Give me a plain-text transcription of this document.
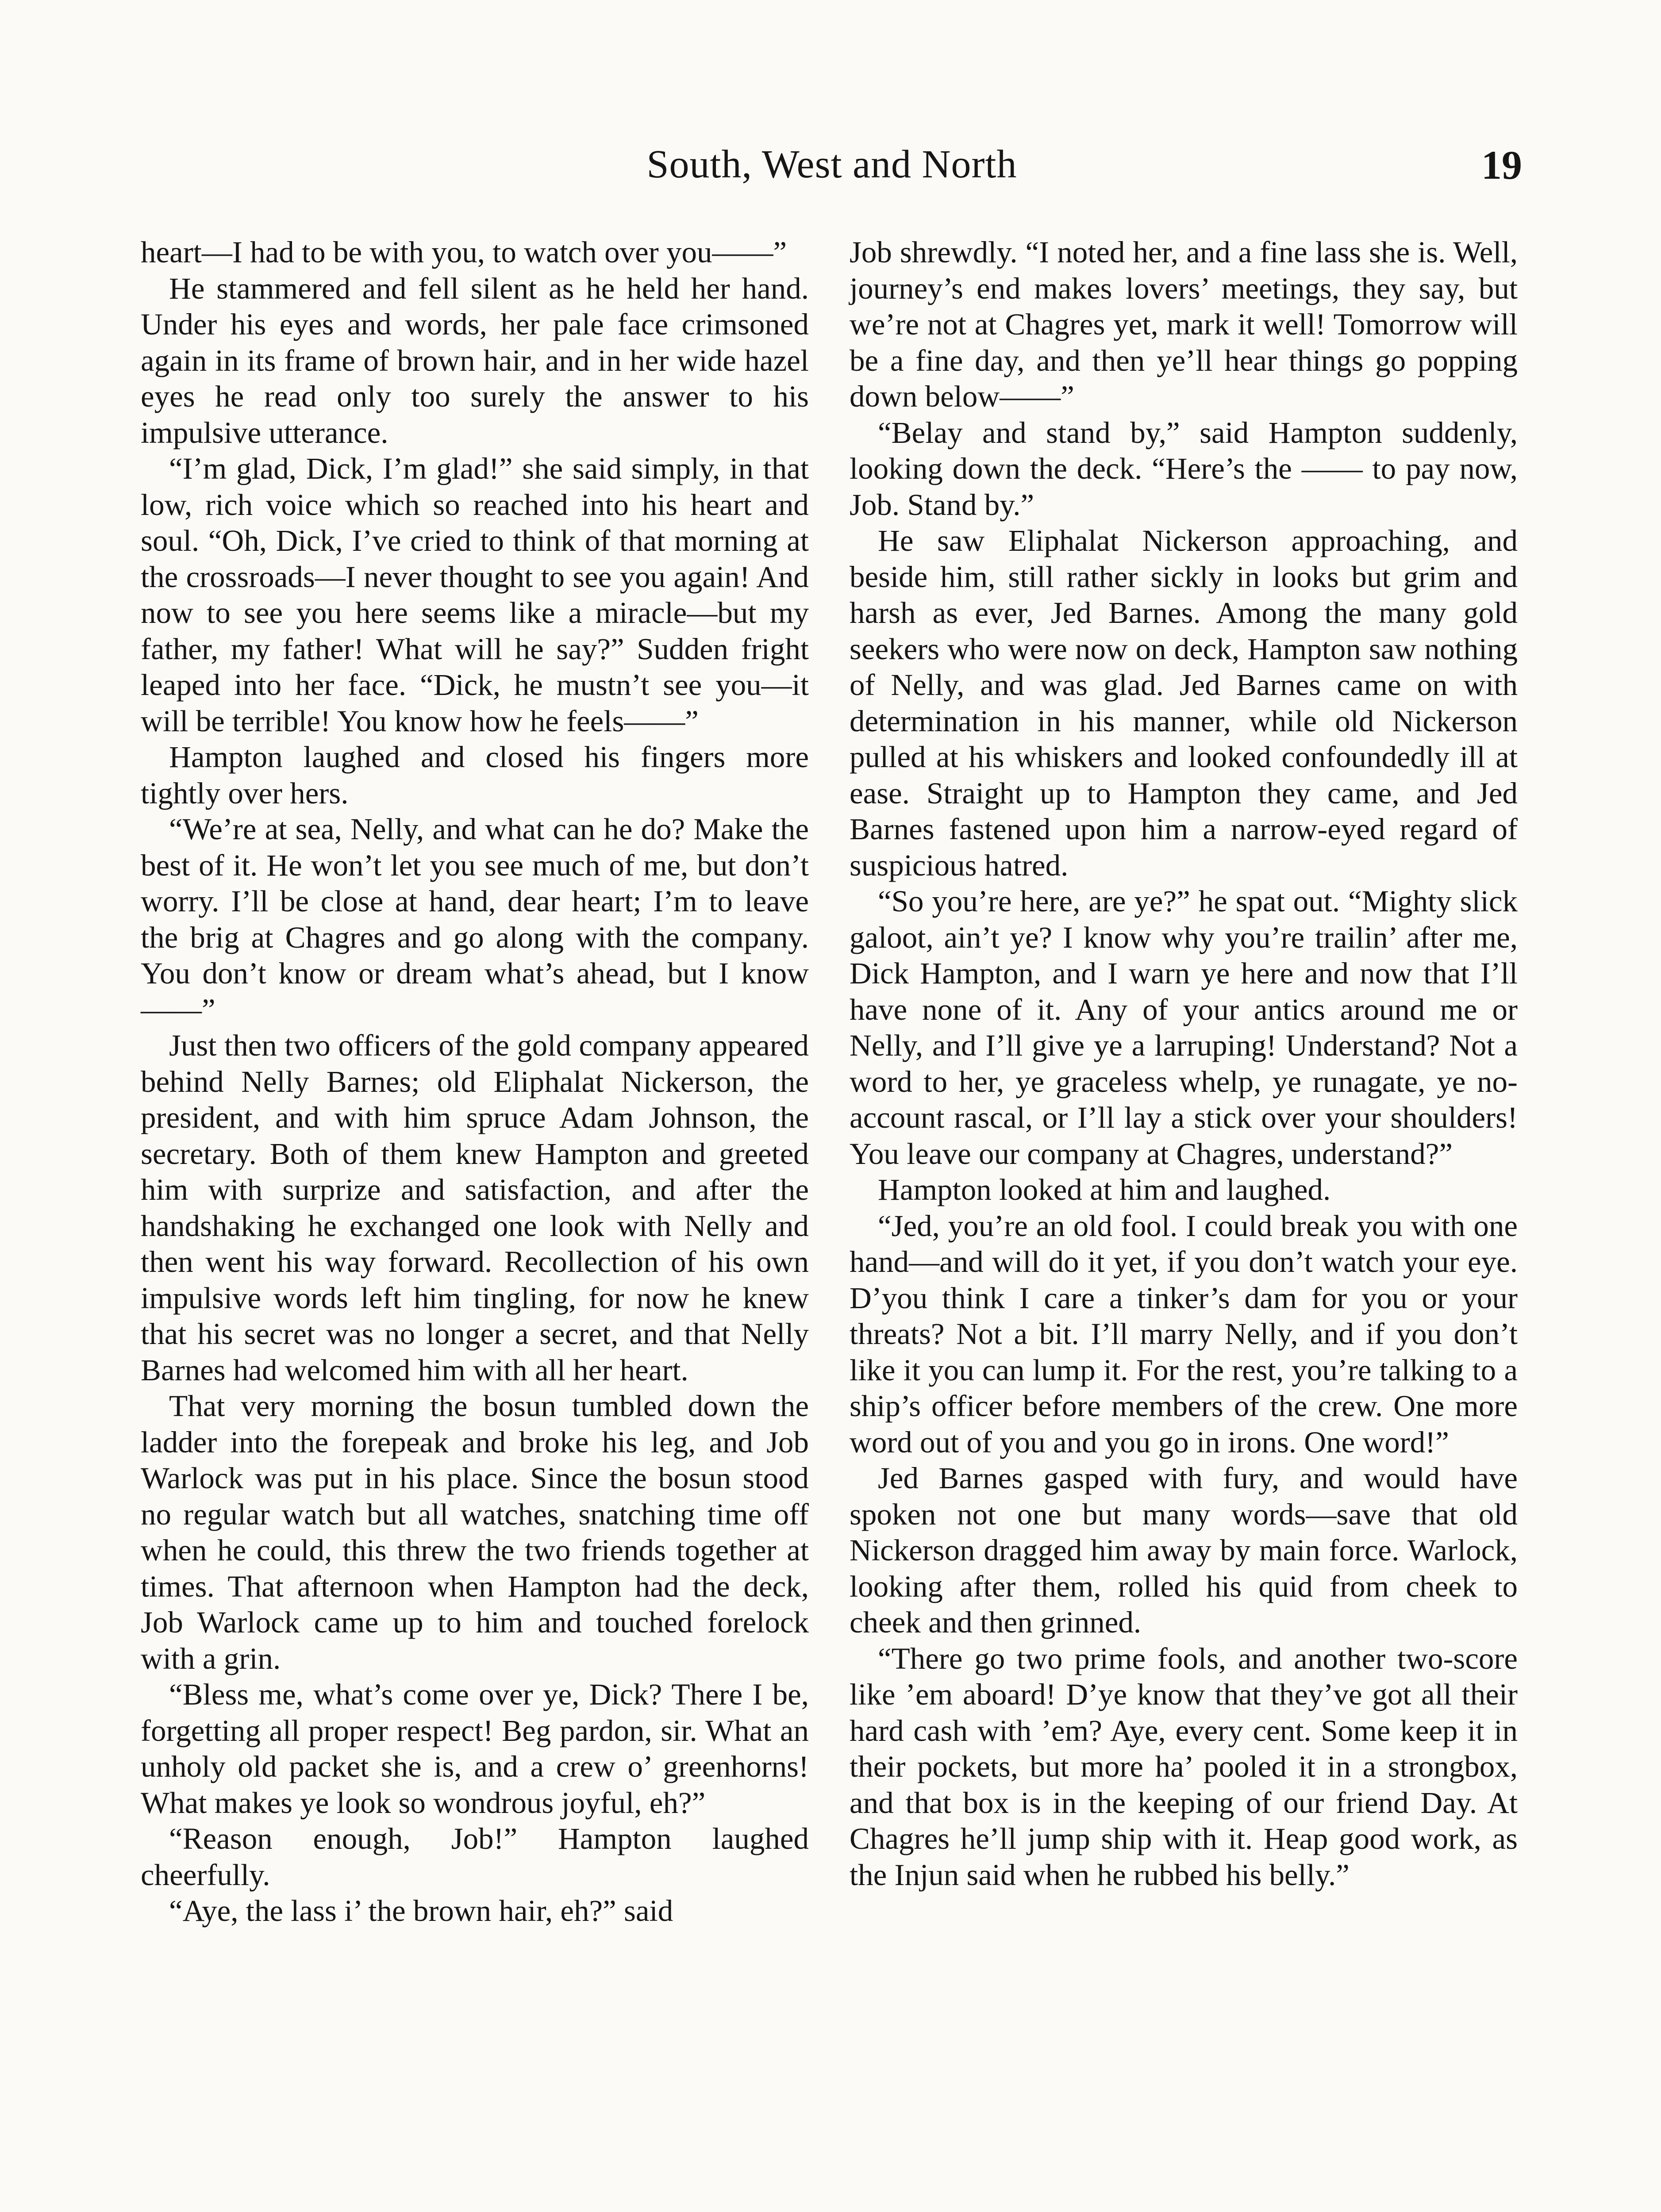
South, West and North	19

heart—I had to be with you, to watch over you——”

He stammered and fell silent as he held her hand. Under his eyes and words, her pale face crimsoned again in its frame of brown hair, and in her wide hazel eyes he read only too surely the answer to his impulsive utterance.

“I’m glad, Dick, I’m glad!” she said simply, in that low, rich voice which so reached into his heart and soul. “Oh, Dick, I’ve cried to think of that morning at the crossroads—I never thought to see you again! And now to see you here seems like a miracle—but my father, my father! What will he say?” Sudden fright leaped into her face. “Dick, he mustn’t see you—it will be terrible! You know how he feels——”

Hampton laughed and closed his fingers more tightly over hers.

“We’re at sea, Nelly, and what can he do? Make the best of it. He won’t let you see much of me, but don’t worry. I’ll be close at hand, dear heart; I’m to leave the brig at Chagres and go along with the company. You don’t know or dream what’s ahead, but I know——”

Just then two officers of the gold company appeared behind Nelly Barnes; old Eliphalat Nickerson, the president, and with him spruce Adam Johnson, the secretary. Both of them knew Hampton and greeted him with surprize and satisfaction, and after the handshaking he exchanged one look with Nelly and then went his way forward. Recollection of his own impulsive words left him tingling, for now he knew that his secret was no longer a secret, and that Nelly Barnes had welcomed him with all her heart.

That very morning the bosun tumbled down the ladder into the forepeak and broke his leg, and Job Warlock was put in his place. Since the bosun stood no regular watch but all watches, snatching time off when he could, this threw the two friends together at times. That afternoon when Hampton had the deck, Job Warlock came up to him and touched forelock with a grin.

“Bless me, what’s come over ye, Dick? There I be, forgetting all proper respect! Beg pardon, sir. What an unholy old packet she is, and a crew o’ greenhorns! What makes ye look so wondrous joyful, eh?”

“Reason enough, Job!” Hampton laughed cheerfully.

“Aye, the lass i’ the brown hair, eh?” said

Job shrewdly. “I noted her, and a fine lass she is. Well, journey’s end makes lovers’ meetings, they say, but we’re not at Chagres yet, mark it well! Tomorrow will be a fine day, and then ye’ll hear things go popping down below——”

“Belay and stand by,” said Hampton suddenly, looking down the deck. “Here’s the —— to pay now, Job. Stand by.”

He saw Eliphalat Nickerson approaching, and beside him, still rather sickly in looks but grim and harsh as ever, Jed Barnes. Among the many gold seekers who were now on deck, Hampton saw nothing of Nelly, and was glad. Jed Barnes came on with determination in his manner, while old Nickerson pulled at his whiskers and looked confoundedly ill at ease. Straight up to Hampton they came, and Jed Barnes fastened upon him a narrow-eyed regard of suspicious hatred.

“So you’re here, are ye?” he spat out. “Mighty slick galoot, ain’t ye? I know why you’re trailin’ after me, Dick Hampton, and I warn ye here and now that I’ll have none of it. Any of your antics around me or Nelly, and I’ll give ye a larruping! Understand? Not a word to her, ye graceless whelp, ye runagate, ye no-account rascal, or I’ll lay a stick over your shoulders! You leave our company at Chagres, understand?”

Hampton looked at him and laughed.

“Jed, you’re an old fool. I could break you with one hand—and will do it yet, if you don’t watch your eye. D’you think I care a tinker’s dam for you or your threats? Not a bit. I’ll marry Nelly, and if you don’t like it you can lump it. For the rest, you’re talking to a ship’s officer before members of the crew. One more word out of you and you go in irons. One word!”

Jed Barnes gasped with fury, and would have spoken not one but many words—save that old Nickerson dragged him away by main force. Warlock, looking after them, rolled his quid from cheek to cheek and then grinned.

“There go two prime fools, and another two-score like ’em aboard! D’ye know that they’ve got all their hard cash with ’em? Aye, every cent. Some keep it in their pockets, but more ha’ pooled it in a strongbox, and that box is in the keeping of our friend Day. At Chagres he’ll jump ship with it. Heap good work, as the Injun said when he rubbed his belly.”
